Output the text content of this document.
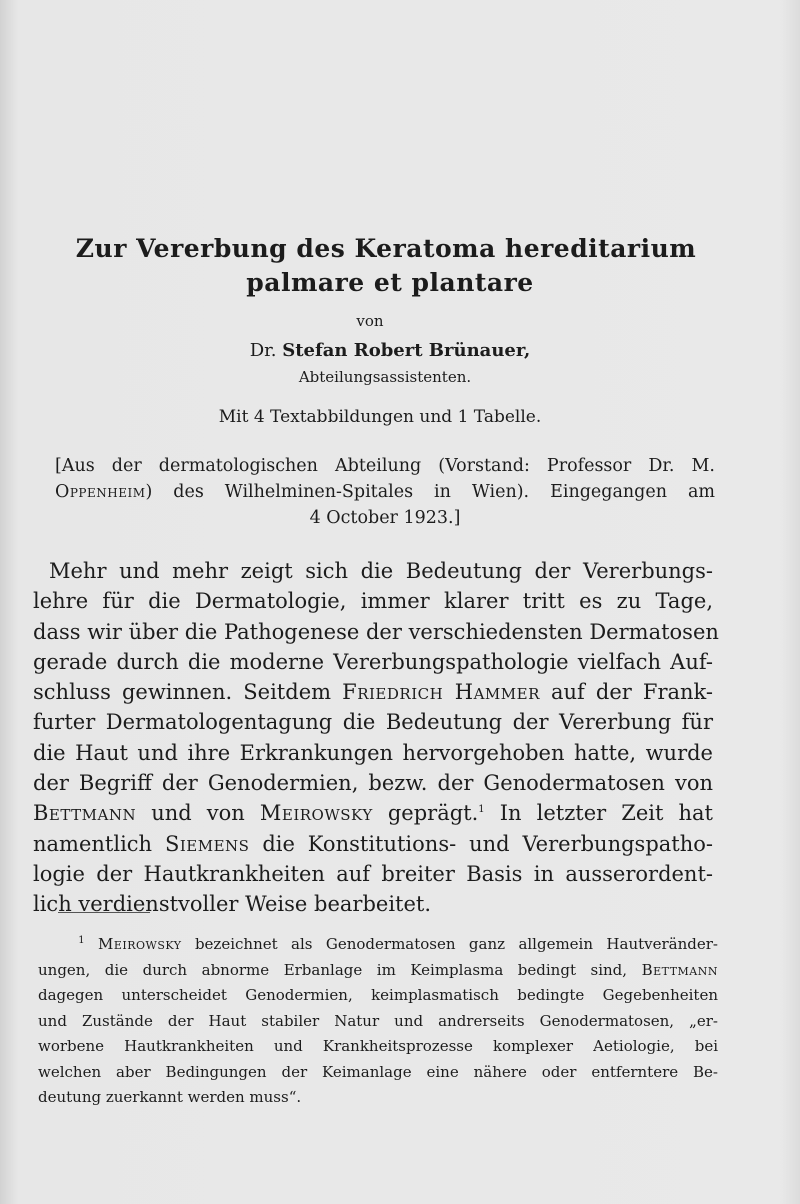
Zur Vererbung des Keratoma hereditarium
palmare et plantare
von
Dr. Stefan Robert Brünauer,
Abteilungsassistenten.
Mit 4 Textabbildungen und 1 Tabelle.
[Aus der dermatologischen Abteilung (Vorstand: Professor Dr. M.
Oppenheim) des Wilhelminen-Spitales in Wien). Eingegangen am
4 October 1923.]
Mehr und mehr zeigt sich die Bedeutung der Vererbungs-
lehre für die Dermatologie, immer klarer tritt es zu Tage,
dass wir über die Pathogenese der verschiedensten Dermatosen
gerade durch die moderne Vererbungspathologie vielfach Auf-
schluss gewinnen. Seitdem Friedrich Hammer auf der Frank-
furter Dermatologentagung die Bedeutung der Vererbung für
die Haut und ihre Erkrankungen hervorgehoben hatte, wurde
der Begriff der Genodermien, bezw. der Genodermatosen von
Bettmann und von Meirowsky geprägt.$^1$ In letzter Zeit hat
namentlich Siemens die Konstitutions- und Vererbungspatho-
logie der Hautkrankheiten auf breiter Basis in ausserordent-
lich verdienstvoller Weise bearbeitet.
$^1$ Meirowsky bezeichnet als Genodermatosen ganz allgemein Hautveränder-
ungen, die durch abnorme Erbanlage im Keimplasma bedingt sind, Bettmann
dagegen unterscheidet Genodermien, keimplasmatisch bedingte Gegebenheiten
und Zustände der Haut stabiler Natur und andrerseits Genodermatosen, „er-
worbene Hautkrankheiten und Krankheitsprozesse komplexer Aetiologie, bei
welchen aber Bedingungen der Keimanlage eine nähere oder entferntere Be-
deutung zuerkannt werden muss“.
